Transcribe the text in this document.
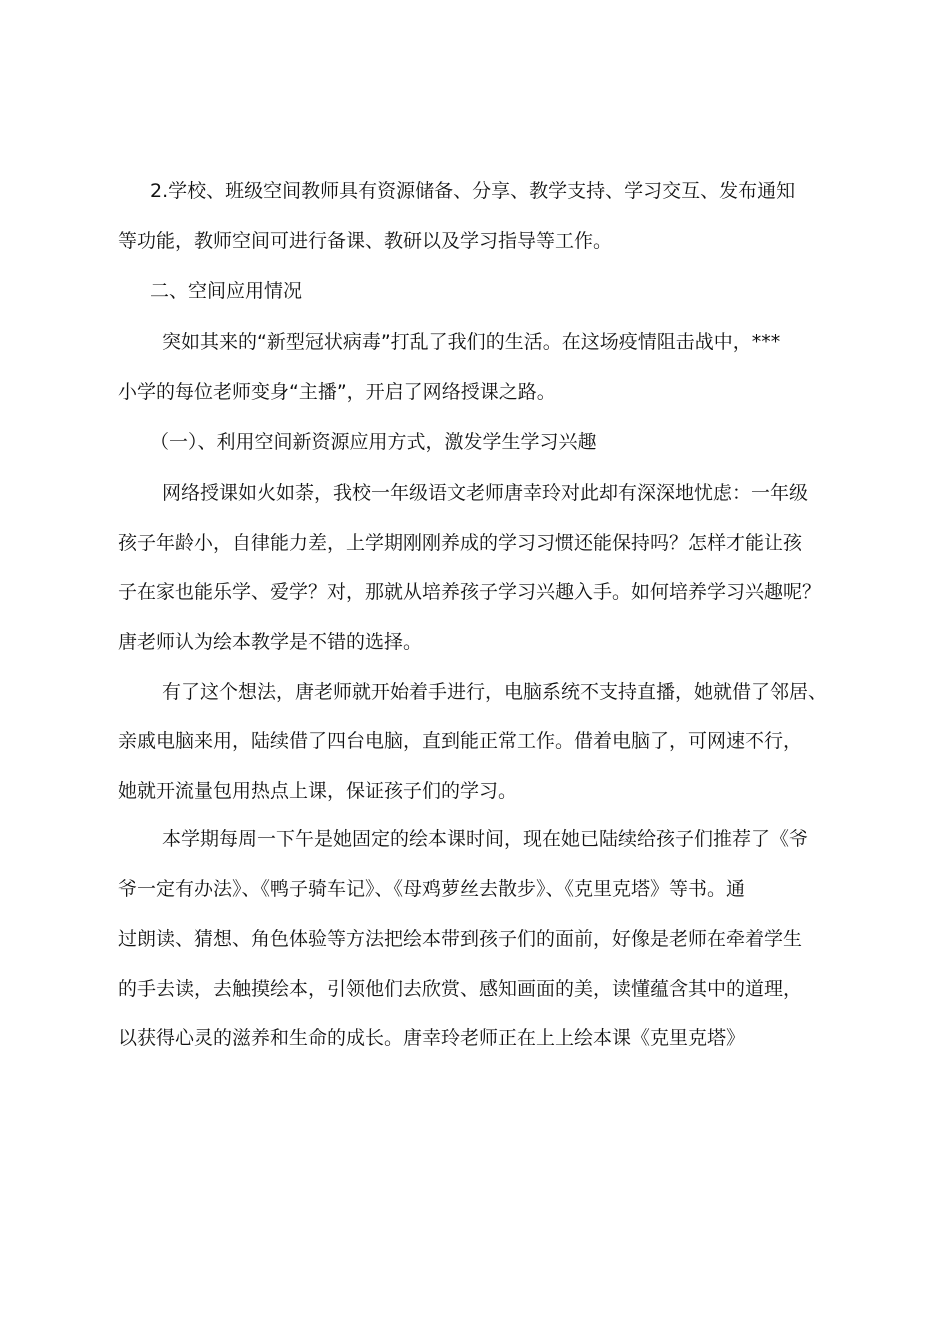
2.学校、班级空间教师具有资源储备、分享、教学支持、学习交互、发布通知
等功能，教师空间可进行备课、教研以及学习指导等工作。
二、空间应用情况
突如其来的“新型冠状病毒”打乱了我们的生活。在这场疫情阻击战中，***
小学的每位老师变身“主播”，开启了网络授课之路。
（一）、利用空间新资源应用方式，激发学生学习兴趣
网络授课如火如荼，我校一年级语文老师唐幸玲对此却有深深地忧虑：一年级
孩子年龄小，自律能力差，上学期刚刚养成的学习习惯还能保持吗？怎样才能让孩
子在家也能乐学、爱学？对，那就从培养孩子学习兴趣入手。如何培养学习兴趣呢？
唐老师认为绘本教学是不错的选择。
有了这个想法，唐老师就开始着手进行，电脑系统不支持直播，她就借了邻居、
亲戚电脑来用，陆续借了四台电脑，直到能正常工作。借着电脑了，可网速不行，
她就开流量包用热点上课，保证孩子们的学习。
本学期每周一下午是她固定的绘本课时间，现在她已陆续给孩子们推荐了《爷
爷一定有办法》、《鸭子骑车记》、《母鸡萝丝去散步》、《克里克塔》等书。通
过朗读、猜想、角色体验等方法把绘本带到孩子们的面前，好像是老师在牵着学生
的手去读，去触摸绘本，引领他们去欣赏、感知画面的美，读懂蕴含其中的道理，
以获得心灵的滋养和生命的成长。唐幸玲老师正在上上绘本课《克里克塔》
